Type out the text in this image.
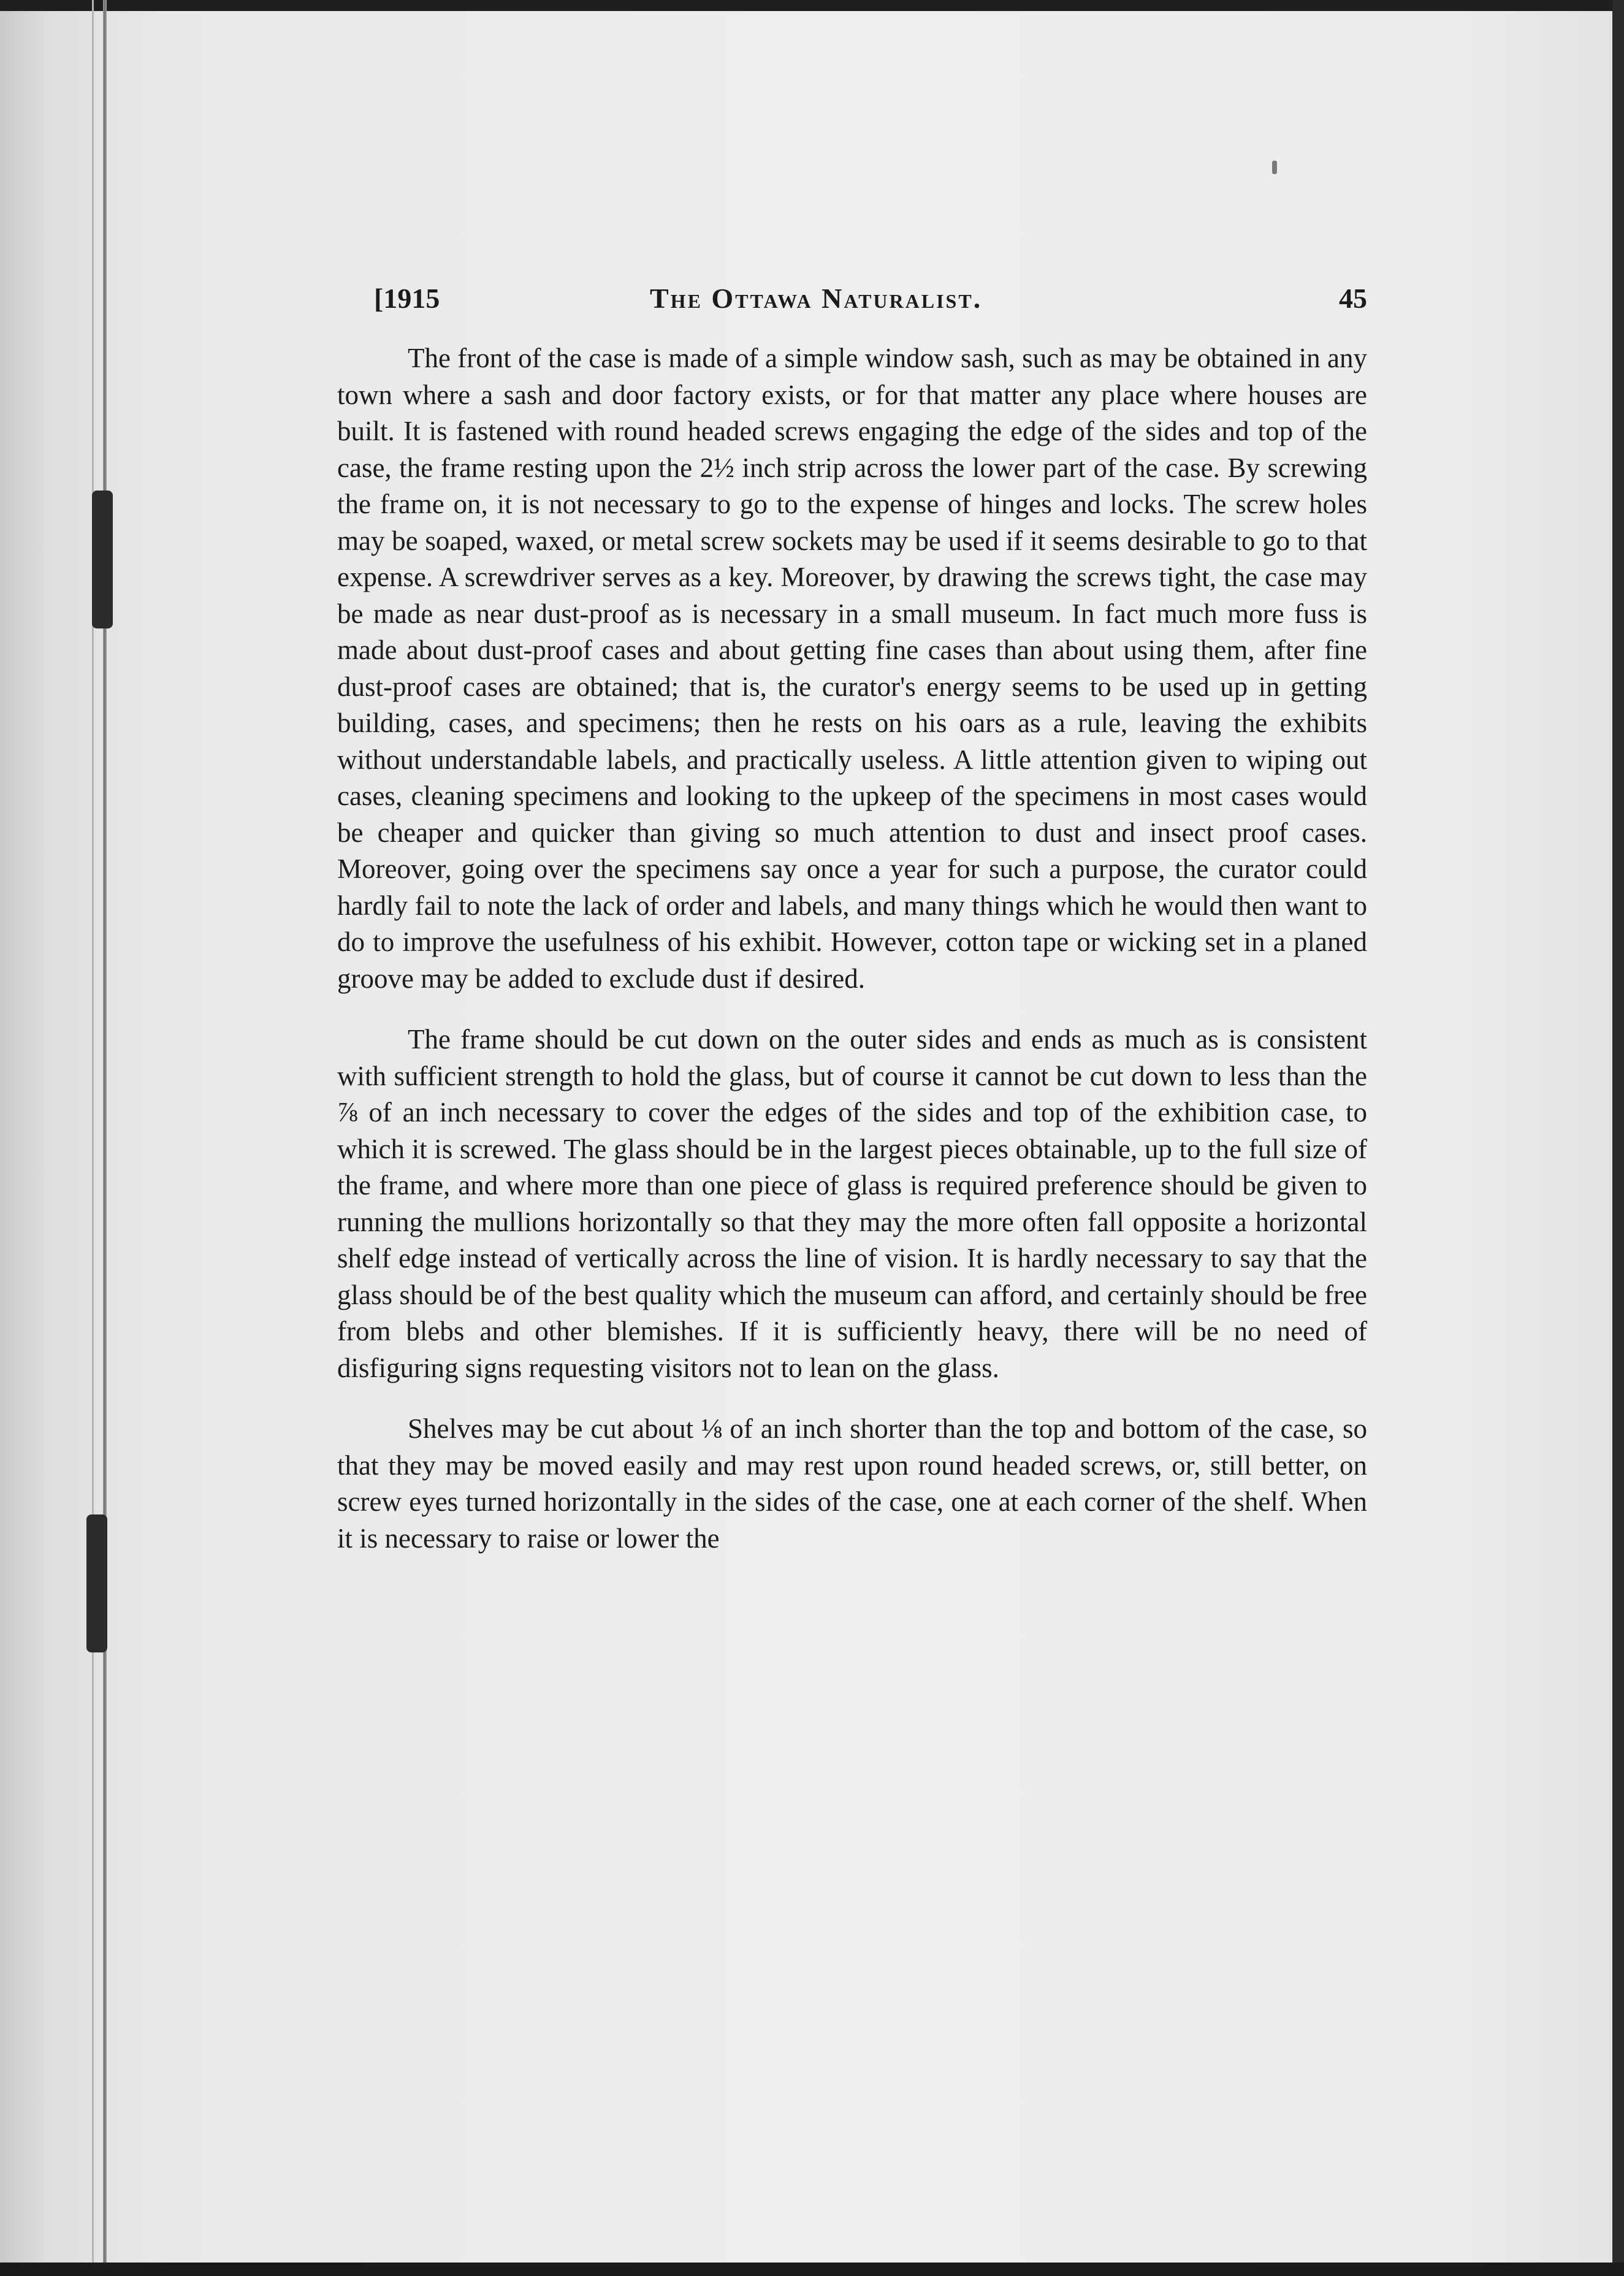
[1915	The Ottawa Naturalist.	45

The front of the case is made of a simple window sash, such as may be obtained in any town where a sash and door factory exists, or for that matter any place where houses are built. It is fastened with round headed screws engaging the edge of the sides and top of the case, the frame resting upon the 2½ inch strip across the lower part of the case. By screwing the frame on, it is not necessary to go to the expense of hinges and locks. The screw holes may be soaped, waxed, or metal screw sockets may be used if it seems desirable to go to that expense. A screwdriver serves as a key. Moreover, by drawing the screws tight, the case may be made as near dust-proof as is necessary in a small museum. In fact much more fuss is made about dust-proof cases and about getting fine cases than about using them, after fine dust-proof cases are obtained; that is, the curator's energy seems to be used up in getting building, cases, and specimens; then he rests on his oars as a rule, leaving the exhibits without understandable labels, and practically useless. A little attention given to wiping out cases, cleaning specimens and looking to the upkeep of the specimens in most cases would be cheaper and quicker than giving so much attention to dust and insect proof cases. Moreover, going over the specimens say once a year for such a purpose, the curator could hardly fail to note the lack of order and labels, and many things which he would then want to do to improve the usefulness of his exhibit. However, cotton tape or wicking set in a planed groove may be added to exclude dust if desired.

The frame should be cut down on the outer sides and ends as much as is consistent with sufficient strength to hold the glass, but of course it cannot be cut down to less than the ⅞ of an inch necessary to cover the edges of the sides and top of the exhibition case, to which it is screwed. The glass should be in the largest pieces obtainable, up to the full size of the frame, and where more than one piece of glass is required preference should be given to running the mullions horizontally so that they may the more often fall opposite a horizontal shelf edge instead of vertically across the line of vision. It is hardly necessary to say that the glass should be of the best quality which the museum can afford, and certainly should be free from blebs and other blemishes. If it is sufficiently heavy, there will be no need of disfiguring signs requesting visitors not to lean on the glass.

Shelves may be cut about ⅛ of an inch shorter than the top and bottom of the case, so that they may be moved easily and may rest upon round headed screws, or, still better, on screw eyes turned horizontally in the sides of the case, one at each corner of the shelf. When it is necessary to raise or lower the
